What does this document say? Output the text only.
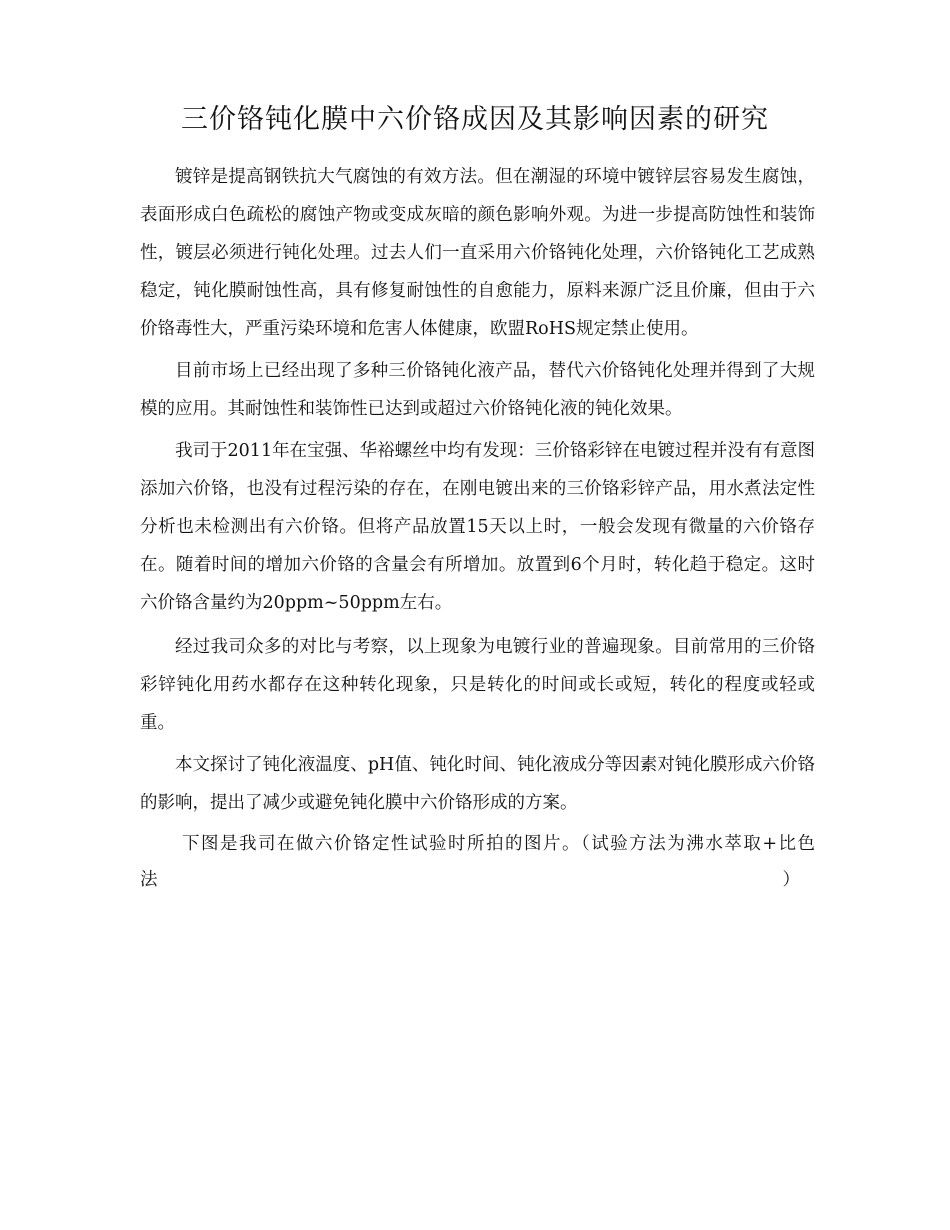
三价铬钝化膜中六价铬成因及其影响因素的研究

镀锌是提高钢铁抗大气腐蚀的有效方法。但在潮湿的环境中镀锌层容易发生腐蚀，表面形成白色疏松的腐蚀产物或变成灰暗的颜色影响外观。为进一步提高防蚀性和装饰性，镀层必须进行钝化处理。过去人们一直采用六价铬钝化处理，六价铬钝化工艺成熟稳定，钝化膜耐蚀性高，具有修复耐蚀性的自愈能力，原料来源广泛且价廉，但由于六价铬毒性大，严重污染环境和危害人体健康，欧盟RoHS规定禁止使用。

目前市场上已经出现了多种三价铬钝化液产品，替代六价铬钝化处理并得到了大规模的应用。其耐蚀性和装饰性已达到或超过六价铬钝化液的钝化效果。

我司于2011年在宝强、华裕螺丝中均有发现：三价铬彩锌在电镀过程并没有有意图添加六价铬，也没有过程污染的存在，在刚电镀出来的三价铬彩锌产品，用水煮法定性分析也未检测出有六价铬。但将产品放置15天以上时，一般会发现有微量的六价铬存在。随着时间的增加六价铬的含量会有所增加。放置到6个月时，转化趋于稳定。这时六价铬含量约为20ppm~50ppm左右。

经过我司众多的对比与考察，以上现象为电镀行业的普遍现象。目前常用的三价铬彩锌钝化用药水都存在这种转化现象，只是转化的时间或长或短，转化的程度或轻或重。

本文探讨了钝化液温度、pH值、钝化时间、钝化液成分等因素对钝化膜形成六价铬的影响，提出了减少或避免钝化膜中六价铬形成的方案。

下图是我司在做六价铬定性试验时所拍的图片。（试验方法为沸水萃取+比色

法	）
